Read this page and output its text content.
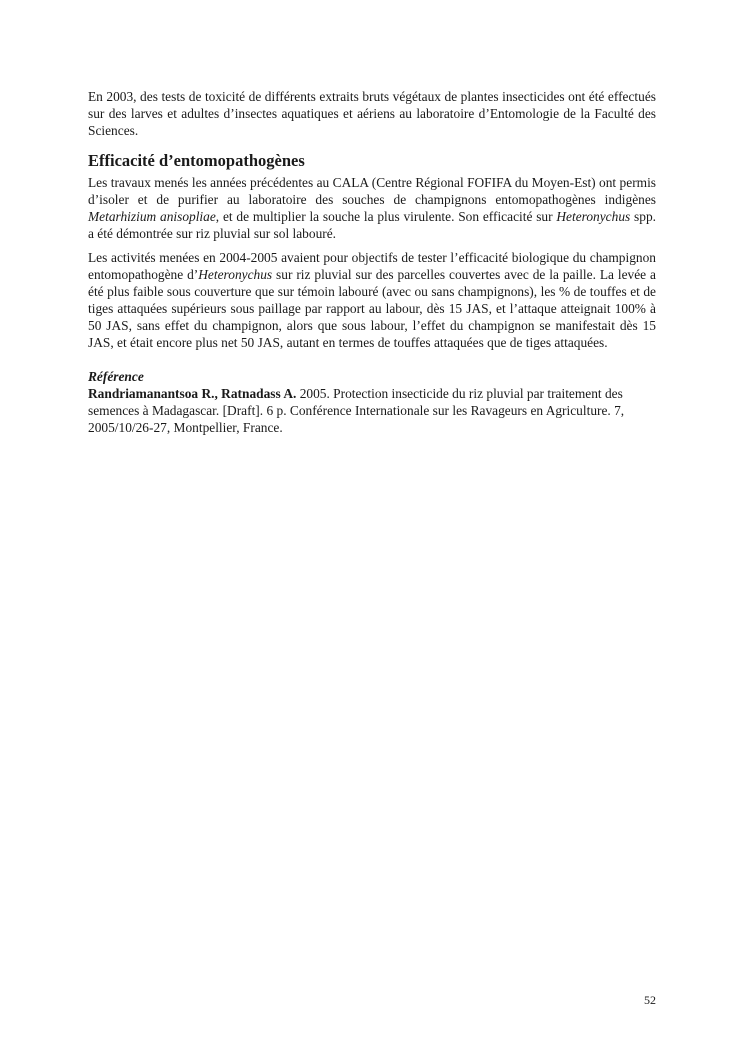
En 2003, des tests de toxicité de différents extraits bruts végétaux de plantes insecticides ont été effectués sur des larves et adultes d’insectes aquatiques et aériens au laboratoire d’Entomologie de la Faculté des Sciences.

Efficacité d’entomopathogènes

Les travaux menés les années précédentes au CALA (Centre Régional FOFIFA du Moyen-Est) ont permis d’isoler et de purifier au laboratoire des souches de champignons entomopathogènes indigènes Metarhizium anisopliae, et de multiplier la souche la plus virulente. Son efficacité sur Heteronychus spp. a été démontrée sur riz pluvial sur sol labouré.

Les activités menées en 2004-2005 avaient pour objectifs de tester l’efficacité biologique du champignon entomopathogène d’Heteronychus sur riz pluvial sur des parcelles couvertes avec de la paille. La levée a été plus faible sous couverture que sur témoin labouré (avec ou sans champignons), les % de touffes et de tiges attaquées supérieurs sous paillage par rapport au labour, dès 15 JAS, et l’attaque atteignait 100% à 50 JAS, sans effet du champignon, alors que sous labour, l’effet du champignon se manifestait dès 15 JAS, et était encore plus net 50 JAS, autant en termes de touffes attaquées que de tiges attaquées.

Référence

Randriamanantsoa R., Ratnadass A. 2005. Protection insecticide du riz pluvial par traitement des semences à Madagascar. [Draft]. 6 p. Conférence Internationale sur les Ravageurs en Agriculture. 7, 2005/10/26-27, Montpellier, France.

52
